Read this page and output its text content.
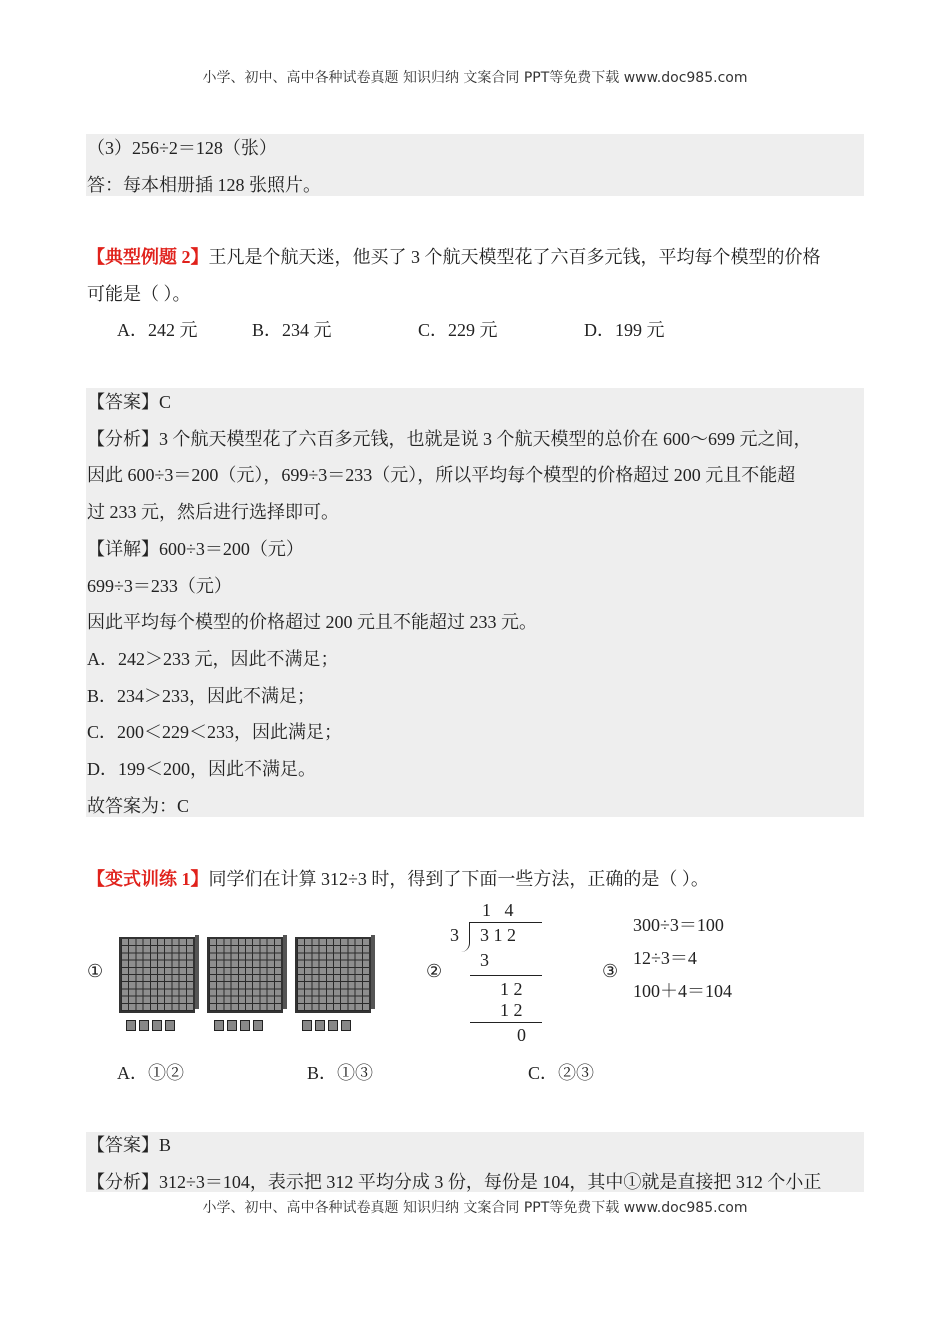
小学、初中、高中各种试卷真题 知识归纳 文案合同 PPT等免费下载 www.doc985.com
（3）256÷2＝128（张）
答：每本相册插 128 张照片。
【典型例题 2】王凡是个航天迷，他买了 3 个航天模型花了六百多元钱，平均每个模型的价格
可能是（ ）。
A．242 元	B．234 元	C．229 元	D．199 元
【答案】C
【分析】3 个航天模型花了六百多元钱，也就是说 3 个航天模型的总价在 600～699 元之间，
因此 600÷3＝200（元），699÷3＝233（元），所以平均每个模型的价格超过 200 元且不能超
过 233 元，然后进行选择即可。
【详解】600÷3＝200（元）
699÷3＝233（元）
因此平均每个模型的价格超过 200 元且不能超过 233 元。
A．242＞233 元，因此不满足；
B．234＞233，因此不满足；
C．200＜229＜233，因此满足；
D．199＜200，因此不满足。
故答案为：C
【变式训练 1】同学们在计算 312÷3 时，得到了下面一些方法，正确的是（ ）。
①	②
1   4
3 3 1 2
3
1 2
1 2
0
③
300÷3＝100
12÷3＝4
100＋4＝104
A．①②	B．①③	C．②③
【答案】B
【分析】312÷3＝104，表示把 312 平均分成 3 份，每份是 104，其中①就是直接把 312 个小正
小学、初中、高中各种试卷真题 知识归纳 文案合同 PPT等免费下载 www.doc985.com
